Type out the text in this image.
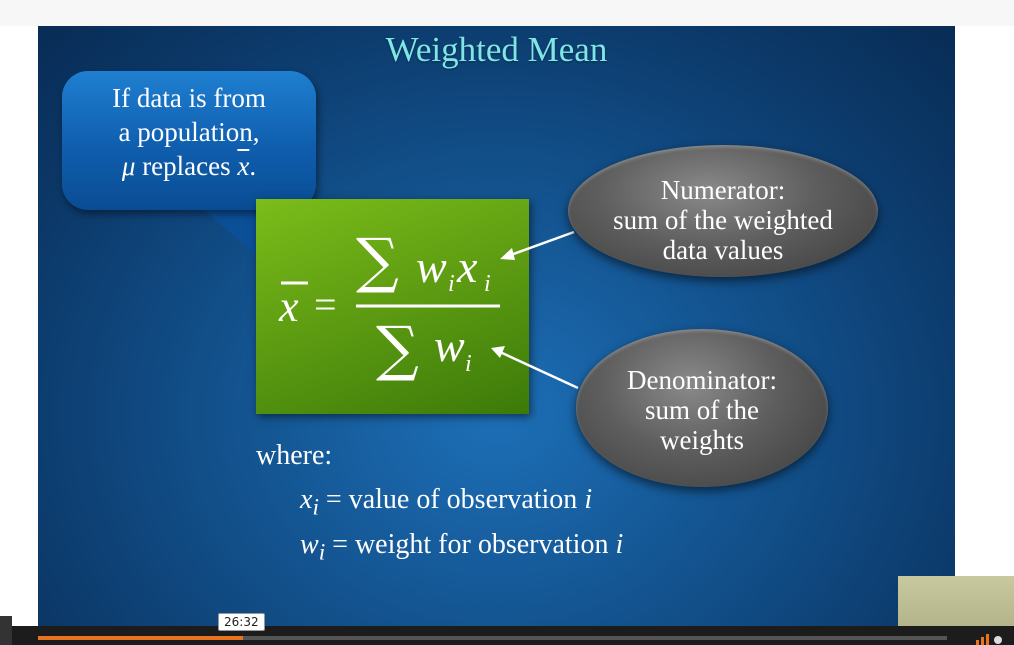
Weighted Mean
If data is from
a population,
μ replaces $\overline{x}$.
x =
∑ w i x i
∑ w i
Numerator:
sum of the weighted
data values
Denominator:
sum of the
weights
where:
$x_i$ = value of observation i
$w_i$ = weight for observation i
26:32
